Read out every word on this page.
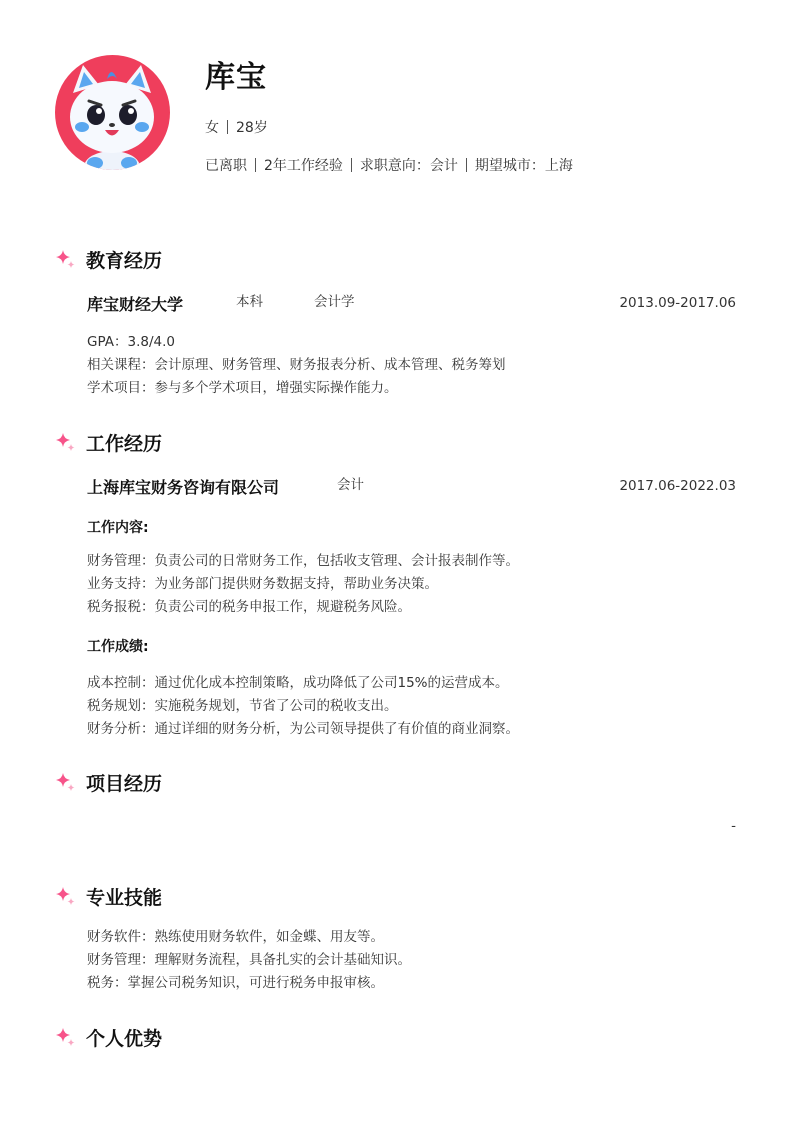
库宝
女 28岁
已离职 2年工作经验 求职意向：会计 期望城市：上海
教育经历
库宝财经大学	本科	会计学	2013.09-2017.06
GPA：3.8/4.0
相关课程：会计原理、财务管理、财务报表分析、成本管理、税务筹划
学术项目：参与多个学术项目，增强实际操作能力。
工作经历
上海库宝财务咨询有限公司	会计	2017.06-2022.03
工作内容:
财务管理：负责公司的日常财务工作，包括收支管理、会计报表制作等。
业务支持：为业务部门提供财务数据支持，帮助业务决策。
税务报税：负责公司的税务申报工作，规避税务风险。
工作成绩:
成本控制：通过优化成本控制策略，成功降低了公司15%的运营成本。
税务规划：实施税务规划，节省了公司的税收支出。
财务分析：通过详细的财务分析，为公司领导提供了有价值的商业洞察。
项目经历
-
专业技能
财务软件：熟练使用财务软件，如金蝶、用友等。
财务管理：理解财务流程，具备扎实的会计基础知识。
税务：掌握公司税务知识，可进行税务申报审核。
个人优势
